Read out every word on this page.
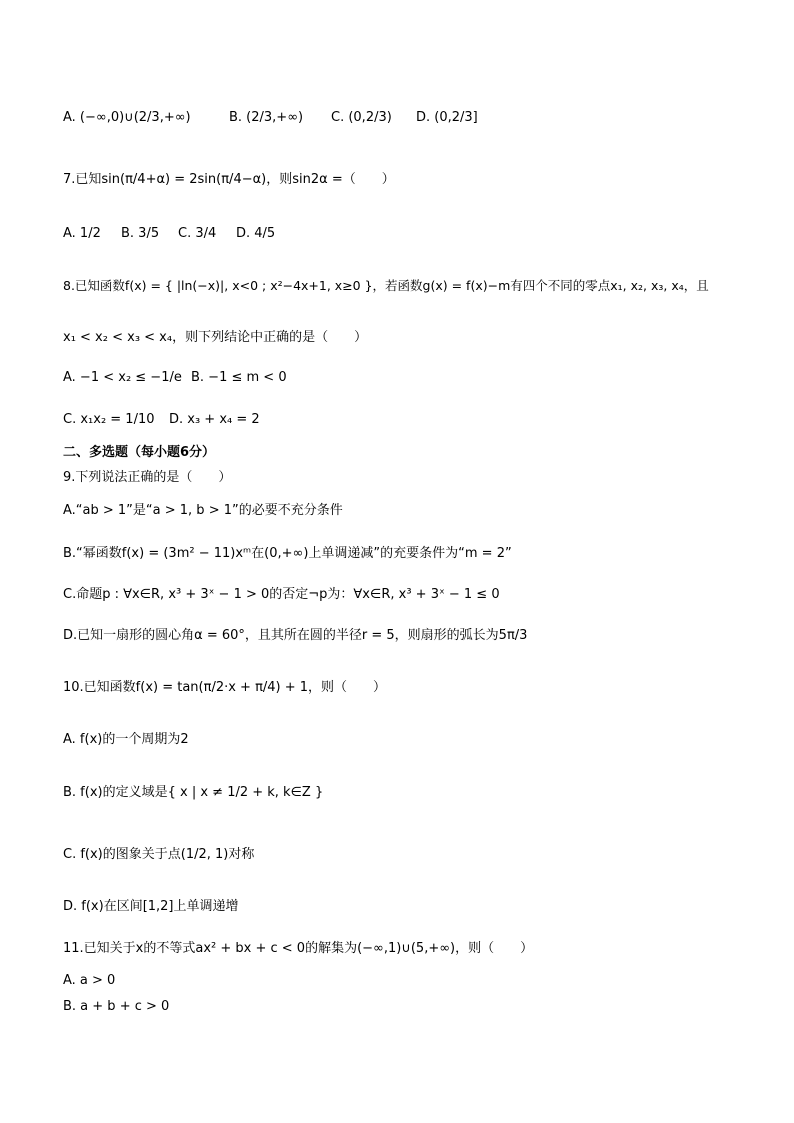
A. (−∞,0)∪(2/3,+∞)	B. (2/3,+∞) C. (0,2/3) D. (0,2/3]
7.已知sin(π/4+α) = 2sin(π/4−α)，则sin2α =（　　）
A. 1/2 B. 3/5 C. 3/4 D. 4/5
8.已知函数f(x) = { |ln(−x)|, x<0 ; x²−4x+1, x≥0 }，若函数g(x) = f(x)−m有四个不同的零点x₁, x₂, x₃, x₄，且
x₁ < x₂ < x₃ < x₄，则下列结论中正确的是（　　）
A. −1 < x₂ ≤ −1/e B. −1 ≤ m < 0
C. x₁x₂ = 1/10 D. x₃ + x₄ = 2
二、多选题（每小题6分）
9.下列说法正确的是（　　）
A.“ab > 1”是“a > 1, b > 1”的必要不充分条件
B.“幂函数f(x) = (3m² − 11)xᵐ在(0,+∞)上单调递减”的充要条件为“m = 2”
C.命题p : ∀x∈R, x³ + 3ˣ − 1 > 0的否定¬p为：∀x∈R, x³ + 3ˣ − 1 ≤ 0
D.已知一扇形的圆心角α = 60°，且其所在圆的半径r = 5，则扇形的弧长为5π/3
10.已知函数f(x) = tan(π/2·x + π/4) + 1，则（　　）
A. f(x)的一个周期为2
B. f(x)的定义域是{ x | x ≠ 1/2 + k, k∈Z }
C. f(x)的图象关于点(1/2, 1)对称
D. f(x)在区间[1,2]上单调递增
11.已知关于x的不等式ax² + bx + c < 0的解集为(−∞,1)∪(5,+∞)，则（　　）
A. a > 0
B. a + b + c > 0
